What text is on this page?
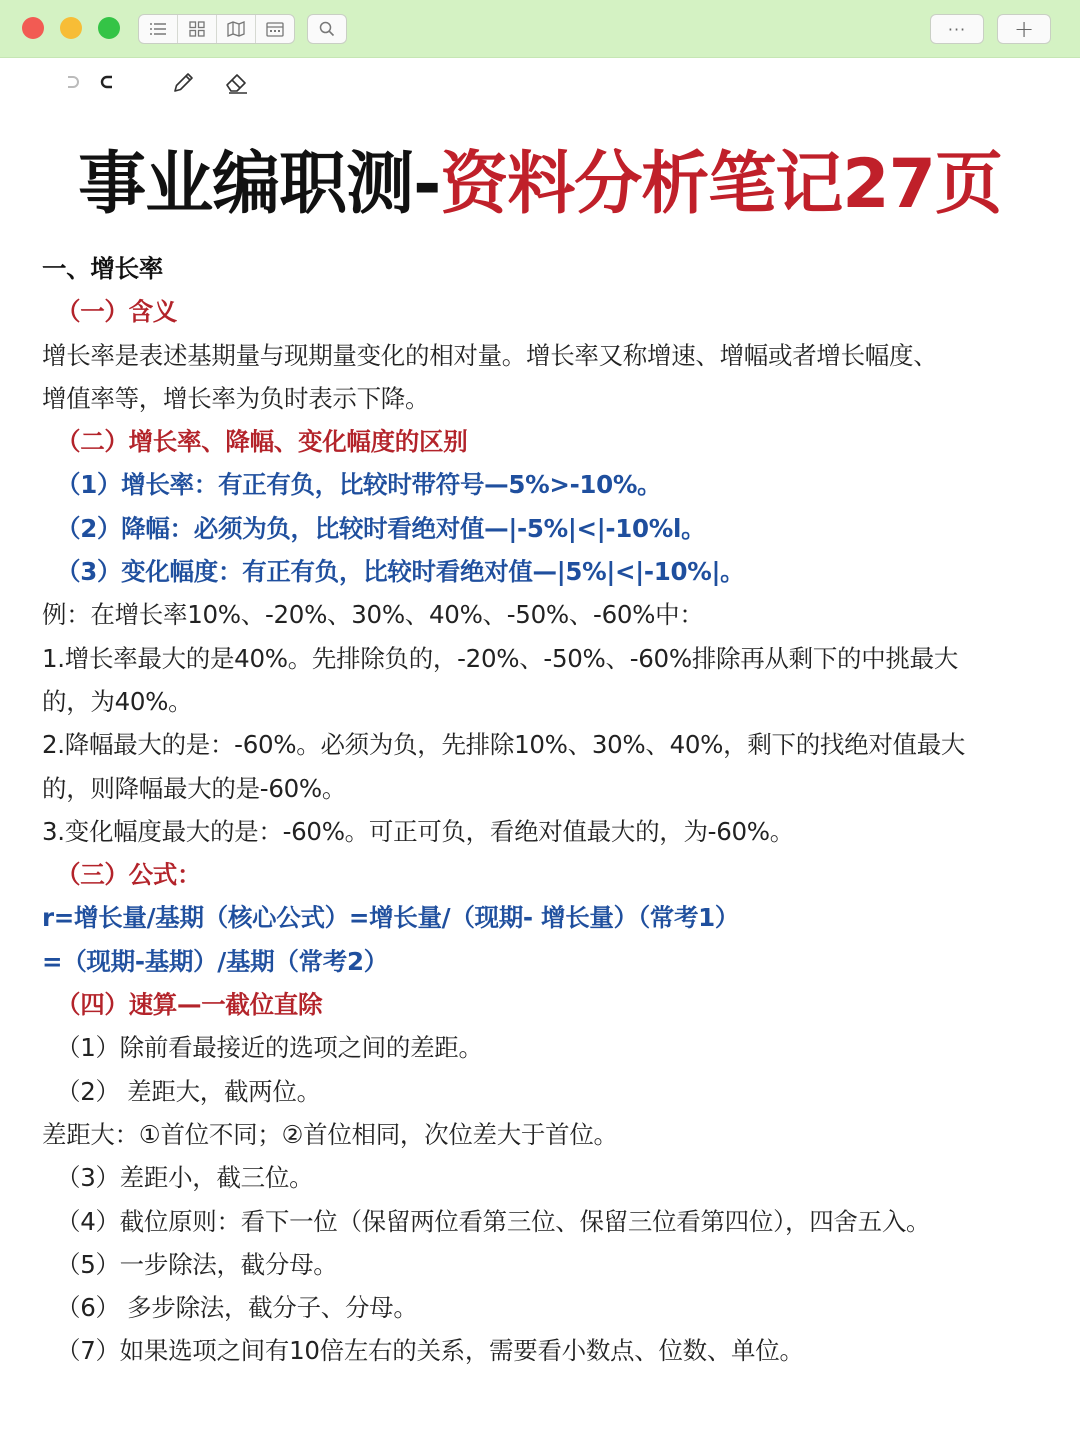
··· +
事业编职测-资料分析笔记27页
一、增长率
（一）含义
增长率是表述基期量与现期量变化的相对量。增长率又称增速、增幅或者增长幅度、
增值率等，增长率为负时表示下降。
（二）增长率、降幅、变化幅度的区别
（1）增长率：有正有负，比较时带符号—5%>-10%。
（2）降幅：必须为负，比较时看绝对值—|-5%|<|-10%l。
（3）变化幅度：有正有负，比较时看绝对值—|5%|<|-10%|。
例：在增长率10%、-20%、30%、40%、-50%、-60%中：
1.增长率最大的是40%。先排除负的，-20%、-50%、-60%排除再从剩下的中挑最大
的，为40%。
2.降幅最大的是：-60%。必须为负，先排除10%、30%、40%，剩下的找绝对值最大
的，则降幅最大的是-60%。
3.变化幅度最大的是：-60%。可正可负，看绝对值最大的，为-60%。
（三）公式：
r=增长量/基期（核心公式）=增长量/（现期- 增长量）（常考1）
=（现期-基期）/基期（常考2）
（四）速算—一截位直除
（1）除前看最接近的选项之间的差距。
（2） 差距大，截两位。
差距大：①首位不同；②首位相同，次位差大于首位。
（3）差距小，截三位。
（4）截位原则：看下一位（保留两位看第三位、保留三位看第四位），四舍五入。
（5）一步除法，截分母。
（6） 多步除法，截分子、分母。
（7）如果选项之间有10倍左右的关系，需要看小数点、位数、单位。
